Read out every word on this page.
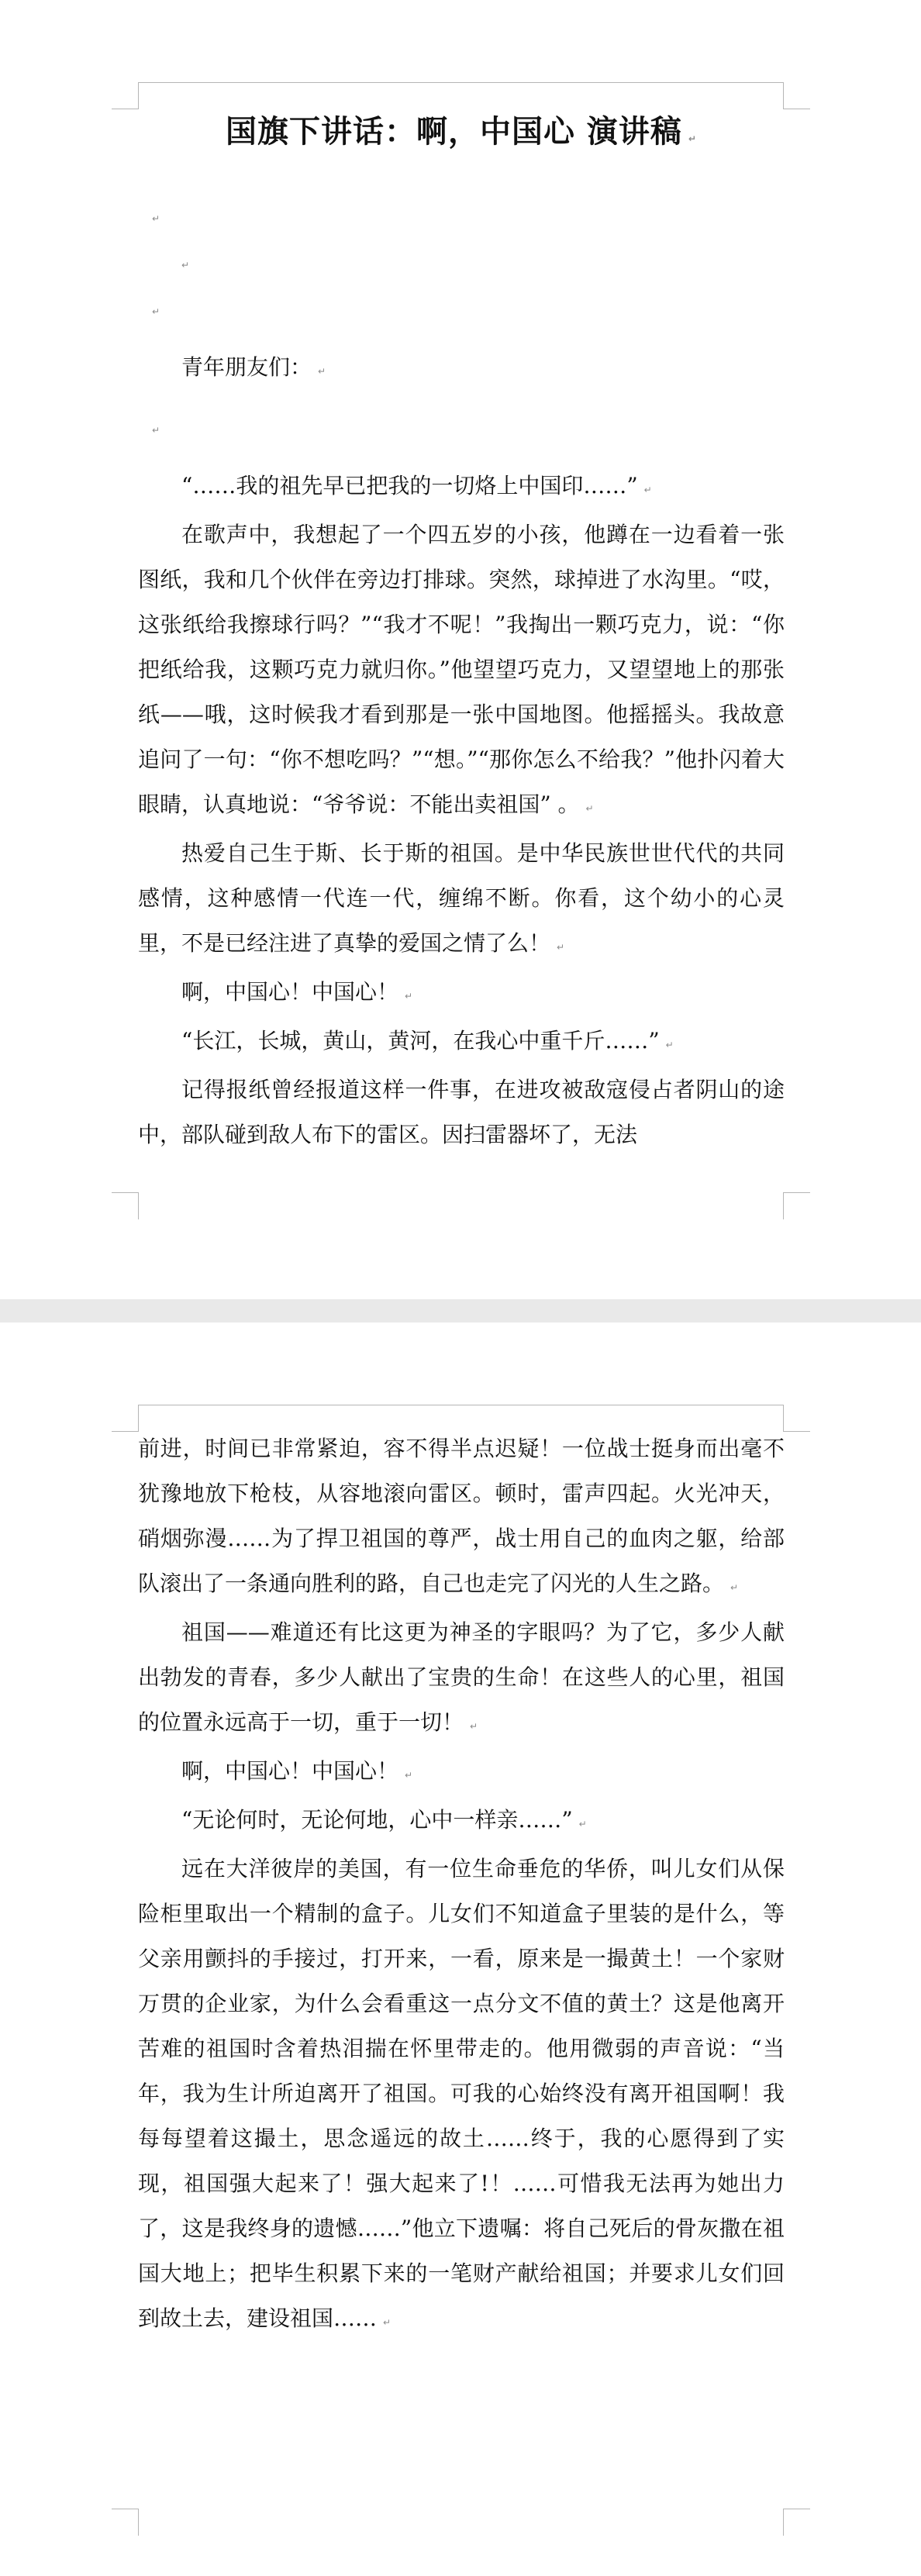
国旗下讲话：啊，中国心 演讲稿 ↵
↵
↵
↵

青年朋友们： ↵

↵

“……我的祖先早已把我的一切烙上中国印……” ↵

在歌声中，我想起了一个四五岁的小孩，他蹲在一边看着一张图纸，我和几个伙伴在旁边打排球。突然，球掉进了水沟里。“哎，这张纸给我擦球行吗？”“我才不呢！”我掏出一颗巧克力，说：“你把纸给我，这颗巧克力就归你。”他望望巧克力，又望望地上的那张纸——哦，这时候我才看到那是一张中国地图。他摇摇头。我故意追问了一句：“你不想吃吗？”“想。”“那你怎么不给我？”他扑闪着大眼睛，认真地说：“爷爷说：不能出卖祖国” 。 ↵

热爱自己生于斯、长于斯的祖国。是中华民族世世代代的共同感情，这种感情一代连一代，缠绵不断。你看，这个幼小的心灵里，不是已经注进了真挚的爱国之情了么！ ↵

啊，中国心！中国心！ ↵

“长江，长城，黄山，黄河，在我心中重千斤……” ↵

记得报纸曾经报道这样一件事，在进攻被敌寇侵占者阴山的途中，部队碰到敌人布下的雷区。因扫雷器坏了，无法

前进，时间已非常紧迫，容不得半点迟疑！一位战士挺身而出毫不犹豫地放下枪枝，从容地滚向雷区。顿时，雷声四起。火光冲天，硝烟弥漫……为了捍卫祖国的尊严，战士用自己的血肉之躯，给部队滚出了一条通向胜利的路，自己也走完了闪光的人生之路。 ↵

祖国——难道还有比这更为神圣的字眼吗？为了它，多少人献出勃发的青春，多少人献出了宝贵的生命！在这些人的心里，祖国的位置永远高于一切，重于一切！ ↵

啊，中国心！中国心！ ↵

“无论何时，无论何地，心中一样亲……” ↵

远在大洋彼岸的美国，有一位生命垂危的华侨，叫儿女们从保险柜里取出一个精制的盒子。儿女们不知道盒子里装的是什么，等父亲用颤抖的手接过，打开来，一看，原来是一撮黄土！一个家财万贯的企业家，为什么会看重这一点分文不值的黄土？这是他离开苦难的祖国时含着热泪揣在怀里带走的。他用微弱的声音说：“当年，我为生计所迫离开了祖国。可我的心始终没有离开祖国啊！我每每望着这撮土，思念遥远的故土……终于，我的心愿得到了实现，祖国强大起来了！强大起来了!！……可惜我无法再为她出力了，这是我终身的遗憾……”他立下遗嘱：将自己死后的骨灰撒在祖国大地上；把毕生积累下来的一笔财产献给祖国；并要求儿女们回到故土去，建设祖国…… ↵
